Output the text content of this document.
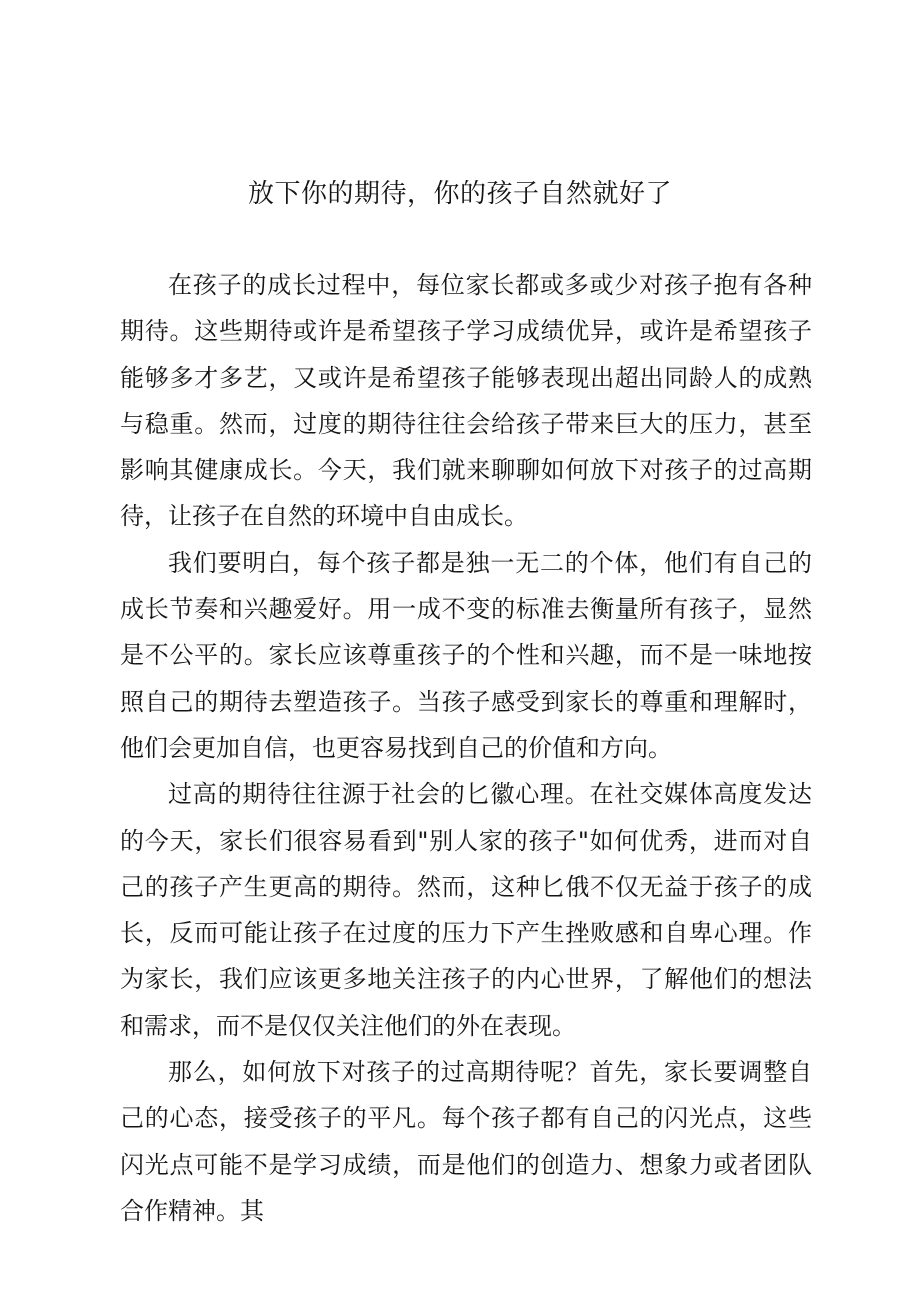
放下你的期待，你的孩子自然就好了

在孩子的成长过程中，每位家长都或多或少对孩子抱有各种期待。这些期待或许是希望孩子学习成绩优异，或许是希望孩子能够多才多艺，又或许是希望孩子能够表现出超出同龄人的成熟与稳重。然而，过度的期待往往会给孩子带来巨大的压力，甚至影响其健康成长。今天，我们就来聊聊如何放下对孩子的过高期待，让孩子在自然的环境中自由成长。

我们要明白，每个孩子都是独一无二的个体，他们有自己的成长节奏和兴趣爱好。用一成不变的标准去衡量所有孩子，显然是不公平的。家长应该尊重孩子的个性和兴趣，而不是一味地按照自己的期待去塑造孩子。当孩子感受到家长的尊重和理解时，他们会更加自信，也更容易找到自己的价值和方向。

过高的期待往往源于社会的匕徽心理。在社交媒体高度发达的今天，家长们很容易看到"别人家的孩子"如何优秀，进而对自己的孩子产生更高的期待。然而，这种匕俄不仅无益于孩子的成长，反而可能让孩子在过度的压力下产生挫败感和自卑心理。作为家长，我们应该更多地关注孩子的内心世界，了解他们的想法和需求，而不是仅仅关注他们的外在表现。

那么，如何放下对孩子的过高期待呢？首先，家长要调整自己的心态，接受孩子的平凡。每个孩子都有自己的闪光点，这些闪光点可能不是学习成绩，而是他们的创造力、想象力或者团队合作精神。其
